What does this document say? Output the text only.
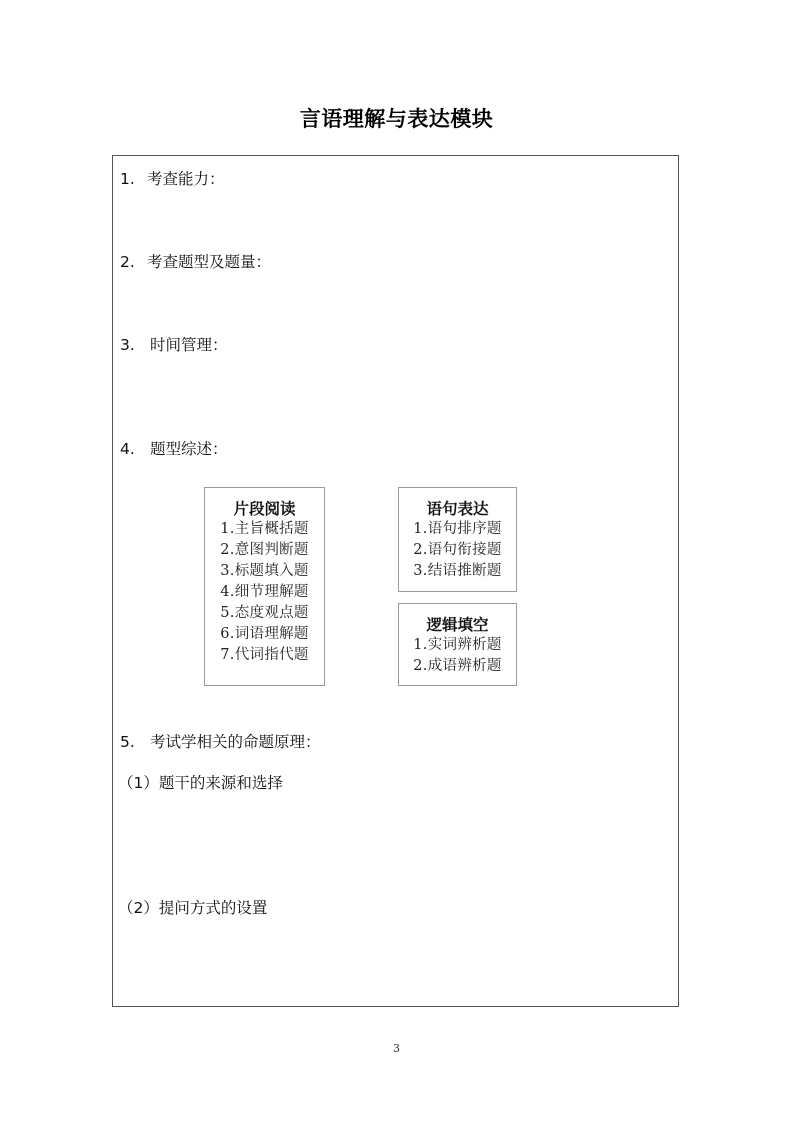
言语理解与表达模块
1. 考查能力：
2. 考查题型及题量：
3. 时间管理：
4. 题型综述：
片段阅读
1.主旨概括题
2.意图判断题
3.标题填入题
4.细节理解题
5.态度观点题
6.词语理解题
7.代词指代题
语句表达
1.语句排序题
2.语句衔接题
3.结语推断题
逻辑填空
1.实词辨析题
2.成语辨析题
5. 考试学相关的命题原理：
（1）题干的来源和选择
（2）提问方式的设置
3
